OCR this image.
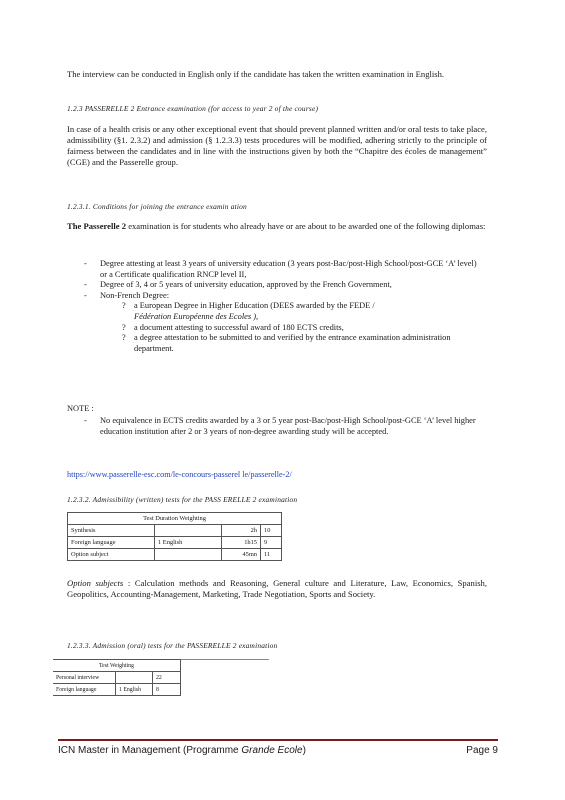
The interview can be conducted in English only if the candidate has taken the written examination in English.

1.2.3 PASSERELLE 2 Entrance examination (for access to year 2 of the course)

In case of a health crisis or any other exceptional event that should prevent planned written and/or oral tests to take place, admissibility (§1. 2.3.2) and admission (§ 1.2.3.3) tests procedures will be modified, adhering strictly to the principle of fairness between the candidates and in line with the instructions given by both the “Chapitre des écoles de management” (CGE) and the Passerelle group.

1.2.3.1. Conditions for joining the entrance examin ation

The Passerelle 2 examination is for students who already have or are about to be awarded one of the following diplomas:

- Degree attesting at least 3 years of university education (3 years post-Bac/post-High School/post-GCE ‘A’ level) or a Certificate qualification RNCP level II,
- Degree of 3, 4 or 5 years of university education, approved by the French Government,
- Non-French Degree:
? a European Degree in Higher Education (DEES awarded by the FEDE /
Fédération Européenne des Ecoles ),
? a document attesting to successful award of 180 ECTS credits,
? a degree attestation to be submitted to and verified by the entrance examination administration department.
NOTE :
- No equivalence in ECTS credits awarded by a 3 or 5 year post-Bac/post-High School/post-GCE ‘A’ level higher education institution after 2 or 3 years of non-degree awarding study will be accepted.
https://www.passerelle-esc.com/le-concours-passerel le/passerelle-2/
1.2.3.2. Admissibility (written) tests for the PASS ERELLE 2 examination
Test Duration Weighting			
Synthesis		2h	10
Foreign language	1 English	1h15	9
Option subject		45mn	11

Option subjects : Calculation methods and Reasoning, General culture and Literature, Law, Economics, Spanish, Geopolitics, Accounting-Management, Marketing, Trade Negotiation, Sports and Society.

1.2.3.3. Admission (oral) tests for the PASSERELLE 2 examination
Test Weighting		
Personal interview		22
Foreign language	1 English	8
ICN Master in Management (Programme Grande Ecole)	Page 9
